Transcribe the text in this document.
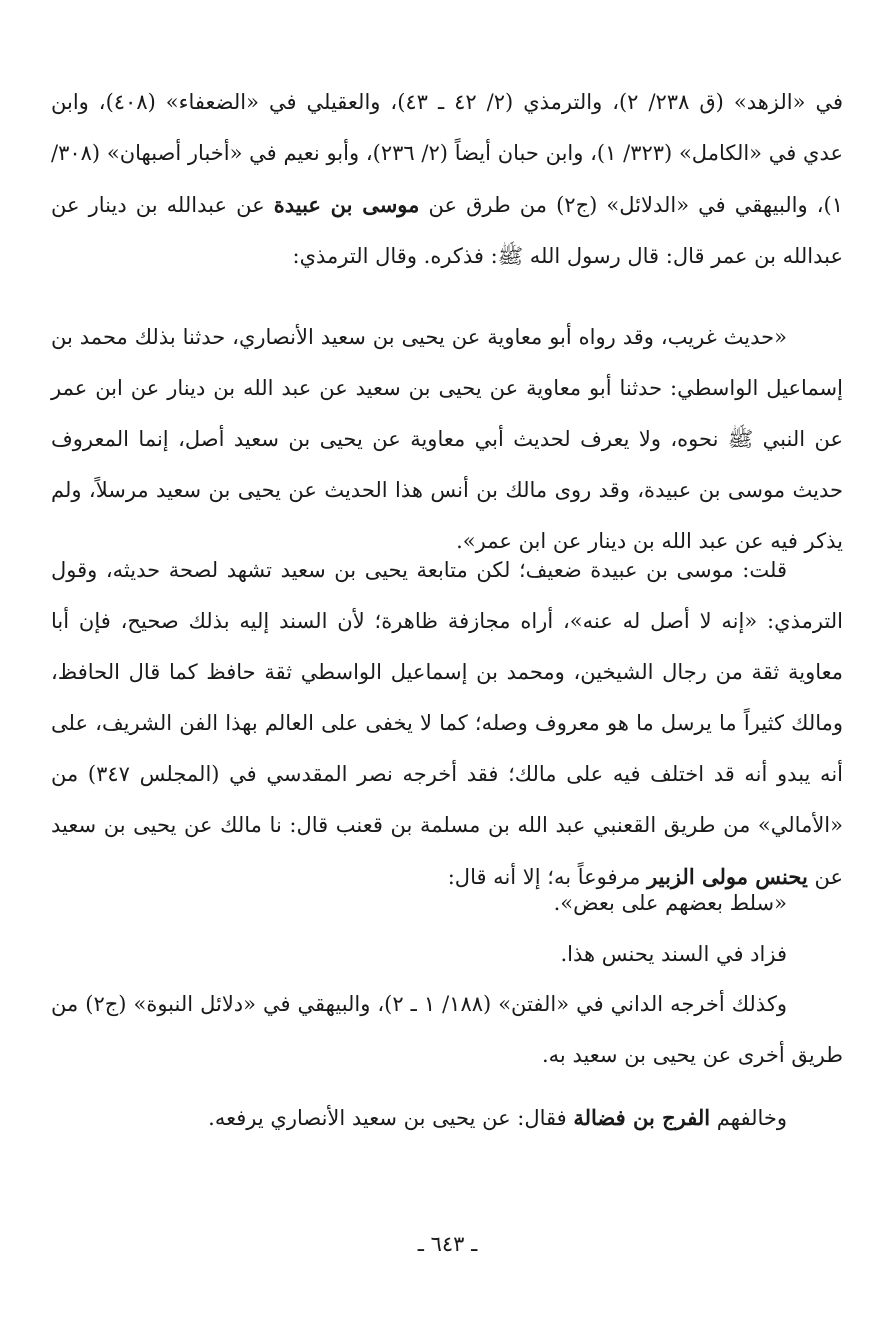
في «الزهد» (ق ٢٣٨/ ٢)، والترمذي (٢/ ٤٢ ـ ٤٣)، والعقيلي في «الضعفاء» (٤٠٨)، وابن عدي في «الكامل» (٣٢٣/ ١)، وابن حبان أيضاً (٢/ ٢٣٦)، وأبو نعيم في «أخبار أصبهان» (٣٠٨/ ١)، والبيهقي في «الدلائل» (ج٢) من طرق عن موسى بن عبيدة عن عبدالله بن دينار عن عبدالله بن عمر قال: قال رسول الله ﷺ: فذكره. وقال الترمذي:

«حديث غريب، وقد رواه أبو معاوية عن يحيى بن سعيد الأنصاري، حدثنا بذلك محمد بن إسماعيل الواسطي: حدثنا أبو معاوية عن يحيى بن سعيد عن عبد الله بن دينار عن ابن عمر عن النبي ﷺ نحوه، ولا يعرف لحديث أبي معاوية عن يحيى بن سعيد أصل، إنما المعروف حديث موسى بن عبيدة، وقد روى مالك بن أنس هذا الحديث عن يحيى بن سعيد مرسلاً، ولم يذكر فيه عن عبد الله بن دينار عن ابن عمر».

قلت: موسى بن عبيدة ضعيف؛ لكن متابعة يحيى بن سعيد تشهد لصحة حديثه، وقول الترمذي: «إنه لا أصل له عنه»، أراه مجازفة ظاهرة؛ لأن السند إليه بذلك صحيح، فإن أبا معاوية ثقة من رجال الشيخين، ومحمد بن إسماعيل الواسطي ثقة حافظ كما قال الحافظ، ومالك كثيراً ما يرسل ما هو معروف وصله؛ كما لا يخفى على العالم بهذا الفن الشريف، على أنه يبدو أنه قد اختلف فيه على مالك؛ فقد أخرجه نصر المقدسي في (المجلس ٣٤٧) من «الأمالي» من طريق القعنبي عبد الله بن مسلمة بن قعنب قال: نا مالك عن يحيى بن سعيد عن يحنس مولى الزبير مرفوعاً به؛ إلا أنه قال:

«سلط بعضهم على بعض».

فزاد في السند يحنس هذا.

وكذلك أخرجه الداني في «الفتن» (١٨٨/ ١ ـ ٢)، والبيهقي في «دلائل النبوة» (ج٢) من طريق أخرى عن يحيى بن سعيد به.

وخالفهم الفرج بن فضالة فقال: عن يحيى بن سعيد الأنصاري يرفعه.

ـ ٦٤٣ ـ
